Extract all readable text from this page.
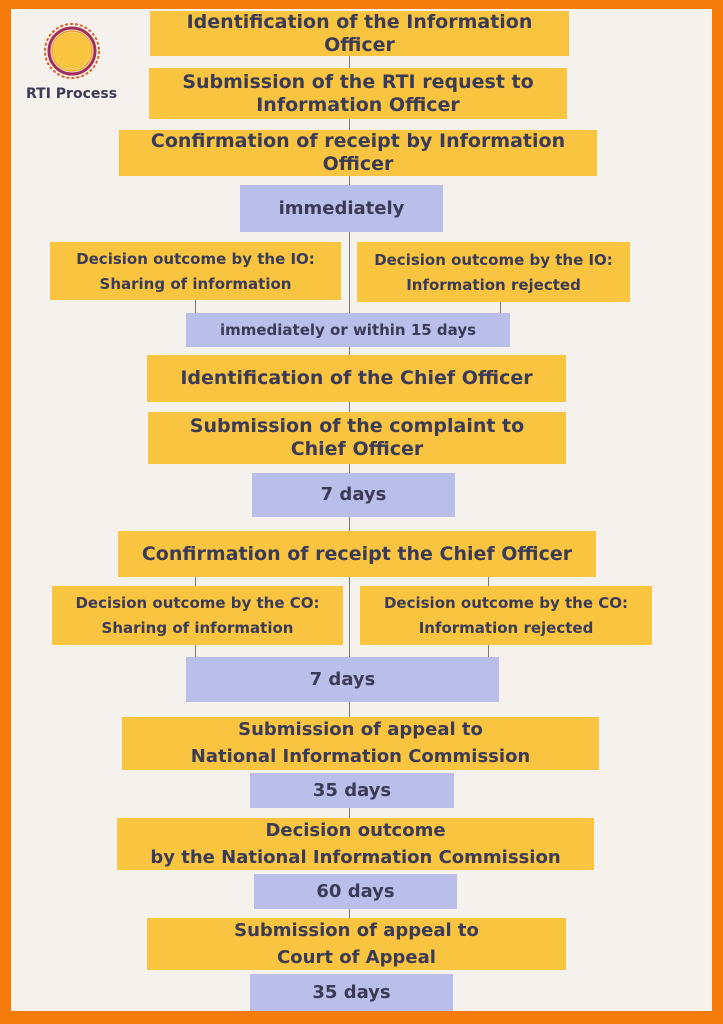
RTI Process
Identification of the Information Officer
Submission of the RTI request to
Information Officer
Confirmation of receipt by Information Officer
immediately
Decision outcome by the IO:
Sharing of information
Decision outcome by the IO:
Information rejected
immediately or within 15 days
Identification of the Chief Officer
Submission of the complaint to
Chief Officer
7 days
Confirmation of receipt the Chief Officer
Decision outcome by the CO:
Sharing of information
Decision outcome by the CO:
Information rejected
7 days
Submission of appeal to
National Information Commission
35 days
Decision outcome
by the National Information Commission
60 days
Submission of appeal to
Court of Appeal
35 days
